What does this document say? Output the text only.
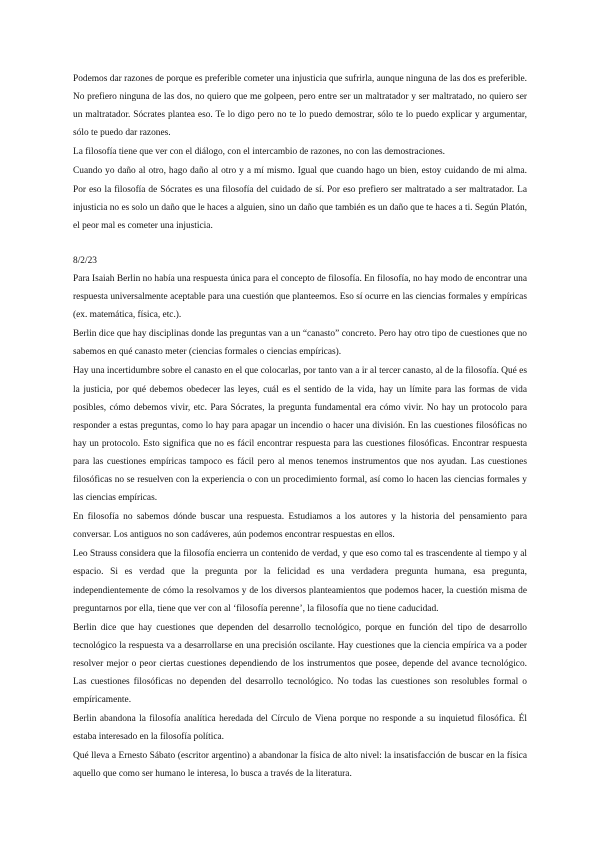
Podemos dar razones de porque es preferible cometer una injusticia que sufrirla, aunque ninguna de las dos es preferible. No prefiero ninguna de las dos, no quiero que me golpeen, pero entre ser un maltratador y ser maltratado, no quiero ser un maltratador. Sócrates plantea eso. Te lo digo pero no te lo puedo demostrar, sólo te lo puedo explicar y argumentar, sólo te puedo dar razones.

La filosofía tiene que ver con el diálogo, con el intercambio de razones, no con las demostraciones.

Cuando yo daño al otro, hago daño al otro y a mí mismo. Igual que cuando hago un bien, estoy cuidando de mi alma. Por eso la filosofía de Sócrates es una filosofía del cuidado de sí. Por eso prefiero ser maltratado a ser maltratador. La injusticia no es solo un daño que le haces a alguien, sino un daño que también es un daño que te haces a ti. Según Platón, el peor mal es cometer una injusticia.

8/2/23

Para Isaiah Berlin no había una respuesta única para el concepto de filosofía. En filosofía, no hay modo de encontrar una respuesta universalmente aceptable para una cuestión que planteemos. Eso sí ocurre en las ciencias formales y empíricas (ex. matemática, física, etc.).

Berlin dice que hay disciplinas donde las preguntas van a un “canasto” concreto. Pero hay otro tipo de cuestiones que no sabemos en qué canasto meter (ciencias formales o ciencias empíricas).

Hay una incertidumbre sobre el canasto en el que colocarlas, por tanto van a ir al tercer canasto, al de la filosofía. Qué es la justicia, por qué debemos obedecer las leyes, cuál es el sentido de la vida, hay un límite para las formas de vida posibles, cómo debemos vivir, etc. Para Sócrates, la pregunta fundamental era cómo vivir. No hay un protocolo para responder a estas preguntas, como lo hay para apagar un incendio o hacer una división. En las cuestiones filosóficas no hay un protocolo. Esto significa que no es fácil encontrar respuesta para las cuestiones filosóficas. Encontrar respuesta para las cuestiones empíricas tampoco es fácil pero al menos tenemos instrumentos que nos ayudan. Las cuestiones filosóficas no se resuelven con la experiencia o con un procedimiento formal, así como lo hacen las ciencias formales y las ciencias empíricas.

En filosofía no sabemos dónde buscar una respuesta. Estudiamos a los autores y la historia del pensamiento para conversar. Los antiguos no son cadáveres, aún podemos encontrar respuestas en ellos.

Leo Strauss considera que la filosofía encierra un contenido de verdad, y que eso como tal es trascendente al tiempo y al espacio. Si es verdad que la pregunta por la felicidad es una verdadera pregunta humana, esa pregunta, independientemente de cómo la resolvamos y de los diversos planteamientos que podemos hacer, la cuestión misma de preguntarnos por ella, tiene que ver con al ‘filosofía perenne’, la filosofía que no tiene caducidad.

Berlin dice que hay cuestiones que dependen del desarrollo tecnológico, porque en función del tipo de desarrollo tecnológico la respuesta va a desarrollarse en una precisión oscilante. Hay cuestiones que la ciencia empírica va a poder resolver mejor o peor ciertas cuestiones dependiendo de los instrumentos que posee, depende del avance tecnológico. Las cuestiones filosóficas no dependen del desarrollo tecnológico. No todas las cuestiones son resolubles formal o empíricamente.

Berlin abandona la filosofía analítica heredada del Círculo de Viena porque no responde a su inquietud filosófica. Él estaba interesado en la filosofía política.

Qué lleva a Ernesto Sábato (escritor argentino) a abandonar la física de alto nivel: la insatisfacción de buscar en la física aquello que como ser humano le interesa, lo busca a través de la literatura.
